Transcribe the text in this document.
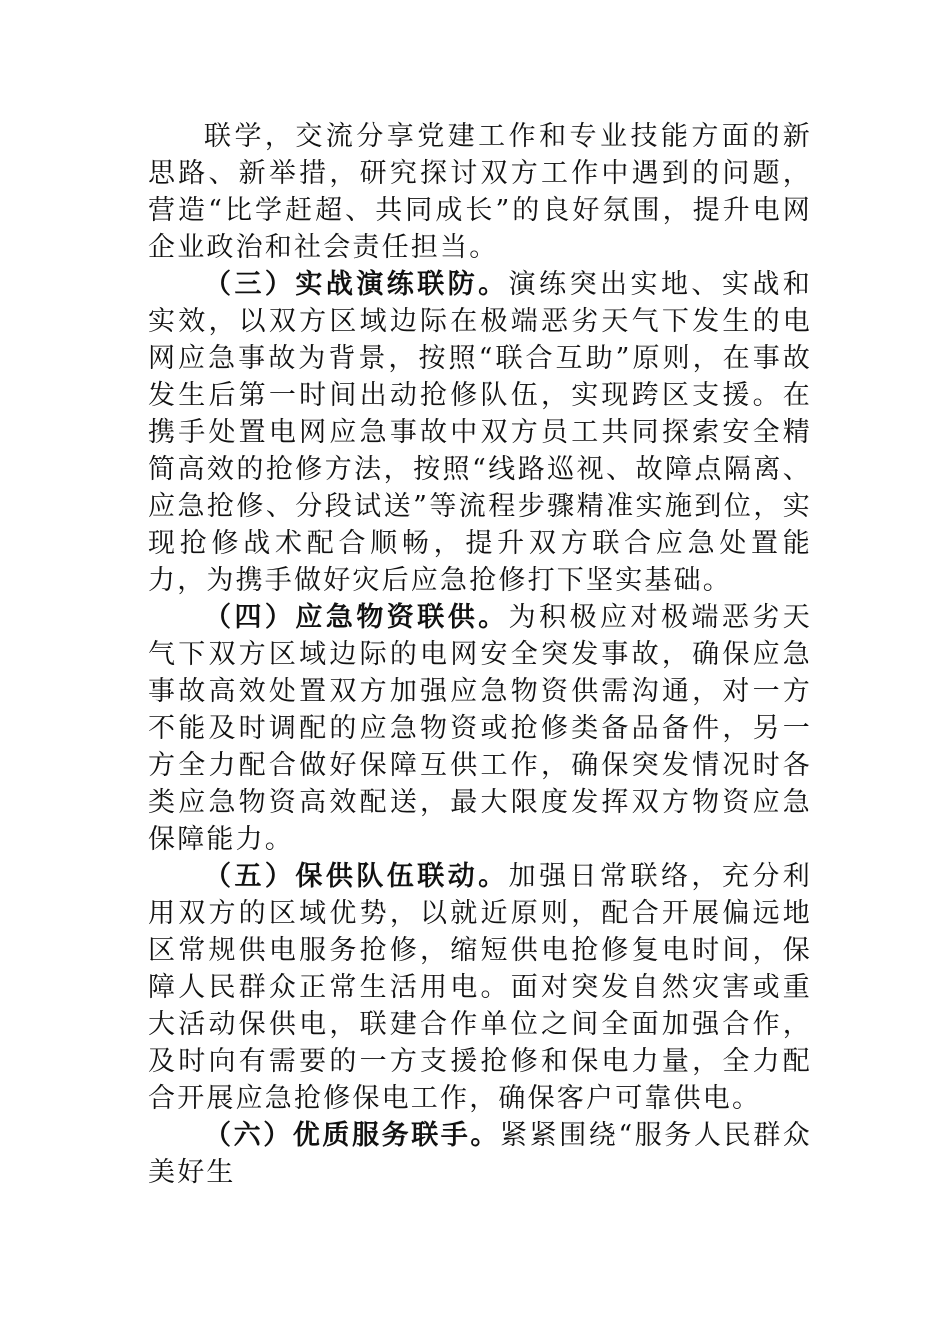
联学，交流分享党建工作和专业技能方面的新思路、新举措，研究探讨双方工作中遇到的问题，营造“比学赶超、共同成长”的良好氛围，提升电网企业政治和社会责任担当。

（三）实战演练联防。演练突出实地、实战和实效，以双方区域边际在极端恶劣天气下发生的电网应急事故为背景，按照“联合互助”原则，在事故发生后第一时间出动抢修队伍，实现跨区支援。在携手处置电网应急事故中双方员工共同探索安全精简高效的抢修方法，按照“线路巡视、故障点隔离、应急抢修、分段试送”等流程步骤精准实施到位，实现抢修战术配合顺畅，提升双方联合应急处置能力，为携手做好灾后应急抢修打下坚实基础。

（四）应急物资联供。为积极应对极端恶劣天气下双方区域边际的电网安全突发事故，确保应急事故高效处置双方加强应急物资供需沟通，对一方不能及时调配的应急物资或抢修类备品备件，另一方全力配合做好保障互供工作，确保突发情况时各类应急物资高效配送，最大限度发挥双方物资应急保障能力。

（五）保供队伍联动。加强日常联络，充分利用双方的区域优势，以就近原则，配合开展偏远地区常规供电服务抢修，缩短供电抢修复电时间，保障人民群众正常生活用电。面对突发自然灾害或重大活动保供电，联建合作单位之间全面加强合作，及时向有需要的一方支援抢修和保电力量，全力配合开展应急抢修保电工作，确保客户可靠供电。

（六）优质服务联手。紧紧围绕“服务人民群众美好生
